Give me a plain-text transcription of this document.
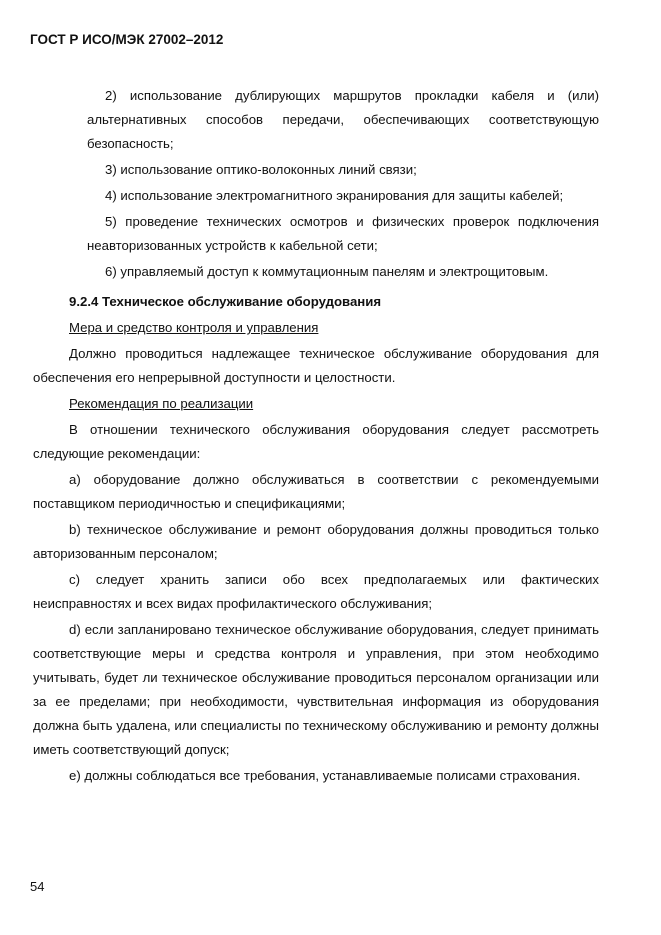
ГОСТ Р ИСО/МЭК 27002–2012

2) использование дублирующих маршрутов прокладки кабеля и (или) альтернативных способов передачи, обеспечивающих соответствующую безопасность;

3) использование оптико-волоконных линий связи;

4) использование электромагнитного экранирования для защиты кабелей;

5) проведение технических осмотров и физических проверок подключения неавторизованных устройств к кабельной сети;

6) управляемый доступ к коммутационным панелям и электрощитовым.

9.2.4 Техническое обслуживание оборудования
Мера и средство контроля и управления

Должно проводиться надлежащее техническое обслуживание оборудования для обеспечения его непрерывной доступности и целостности.

Рекомендация по реализации

В отношении технического обслуживания оборудования следует рассмотреть следующие рекомендации:

a) оборудование должно обслуживаться в соответствии с рекомендуемыми поставщиком периодичностью и спецификациями;

b) техническое обслуживание и ремонт оборудования должны проводиться только авторизованным персоналом;

c) следует хранить записи обо всех предполагаемых или фактических неисправностях и всех видах профилактического обслуживания;

d) если запланировано техническое обслуживание оборудования, следует принимать соответствующие меры и средства контроля и управления, при этом необходимо учитывать, будет ли техническое обслуживание проводиться персоналом организации или за ее пределами; при необходимости, чувствительная информация из оборудования должна быть удалена, или специалисты по техническому обслуживанию и ремонту должны иметь соответствующий допуск;

e) должны соблюдаться все требования, устанавливаемые полисами страхования.

54
